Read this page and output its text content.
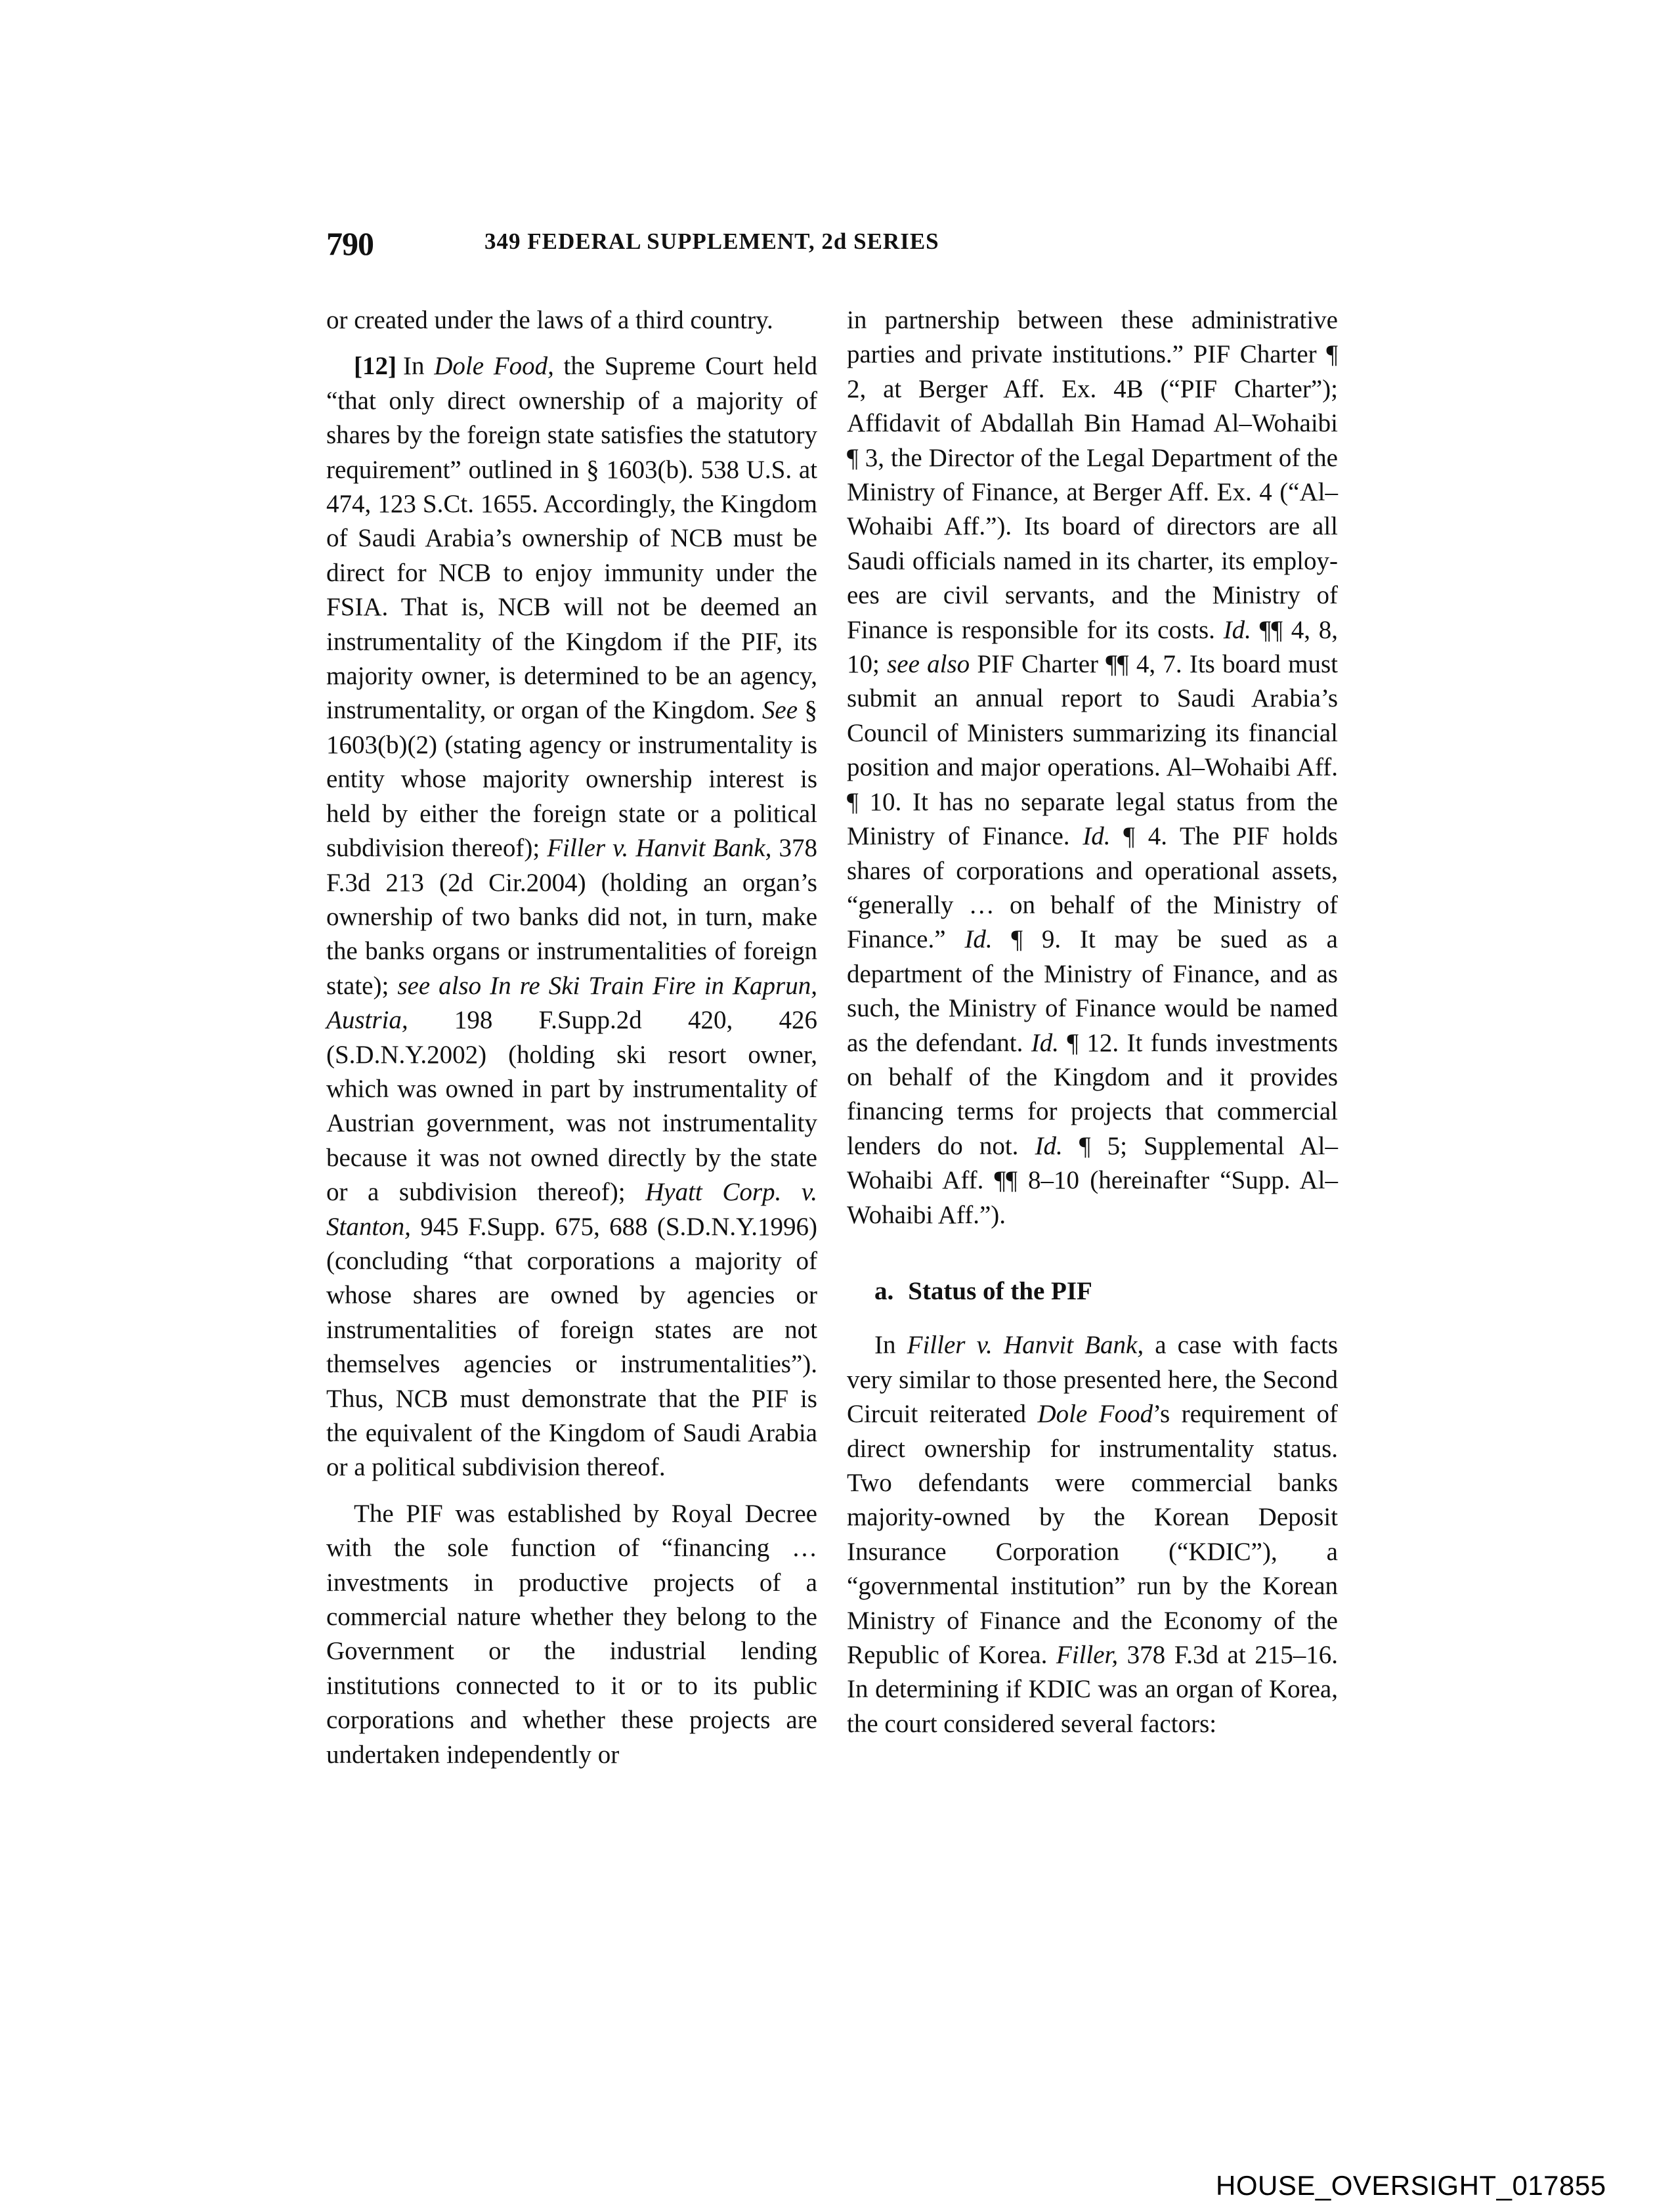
790	349 FEDERAL SUPPLEMENT, 2d SERIES

or created under the laws of a third country.

[12] In Dole Food, the Supreme Court held “that only direct ownership of a majority of shares by the foreign state satisfies the statutory requirement” outlined in § 1603(b). 538 U.S. at 474, 123 S.Ct. 1655. Accordingly, the Kingdom of Saudi Arabia’s ownership of NCB must be direct for NCB to enjoy immunity under the FSIA. That is, NCB will not be deemed an instrumentality of the Kingdom if the PIF, its majority owner, is determined to be an agency, instrumentality, or organ of the Kingdom. See § 1603(b)(2) (stating agency or instrumentality is entity whose majority ownership interest is held by either the foreign state or a political subdivision thereof); Filler v. Hanvit Bank, 378 F.3d 213 (2d Cir.2004) (holding an organ’s ownership of two banks did not, in turn, make the banks organs or instrumentalities of foreign state); see also In re Ski Train Fire in Kaprun, Austria, 198 F.Supp.2d 420, 426 (S.D.N.Y.2002) (holding ski resort owner, which was owned in part by instrumentality of Austrian government, was not instrumentality because it was not owned directly by the state or a subdivision thereof); Hyatt Corp. v. Stanton, 945 F.Supp. 675, 688 (S.D.N.Y.1996) (concluding “that corporations a majority of whose shares are owned by agencies or instrumentalities of foreign states are not themselves agencies or instrumentalities”). Thus, NCB must demonstrate that the PIF is the equivalent of the Kingdom of Saudi Arabia or a political subdivision thereof.

The PIF was established by Royal Decree with the sole function of “financing … investments in productive projects of a commercial nature whether they belong to the Government or the industrial lending institutions connected to it or to its public corporations and whether these projects are undertaken independently or

in partnership between these administrative parties and private institutions.” PIF Charter ¶ 2, at Berger Aff. Ex. 4B (“PIF Charter”); Affidavit of Abdallah Bin Hamad Al–Wohaibi ¶ 3, the Director of the Legal Department of the Ministry of Finance, at Berger Aff. Ex. 4 (“Al–Wohaibi Aff.”). Its board of directors are all Saudi officials named in its charter, its employees are civil servants, and the Ministry of Finance is responsible for its costs. Id. ¶¶ 4, 8, 10; see also PIF Charter ¶¶ 4, 7. Its board must submit an annual report to Saudi Arabia’s Council of Ministers summarizing its financial position and major operations. Al–Wohaibi Aff. ¶ 10. It has no separate legal status from the Ministry of Finance. Id. ¶ 4. The PIF holds shares of corporations and operational assets, “generally … on behalf of the Ministry of Finance.” Id. ¶ 9. It may be sued as a department of the Ministry of Finance, and as such, the Ministry of Finance would be named as the defendant. Id. ¶ 12. It funds investments on behalf of the Kingdom and it provides financing terms for projects that commercial lenders do not. Id. ¶ 5; Supplemental Al–Wohaibi Aff. ¶¶ 8–10 (hereinafter “Supp. Al–Wohaibi Aff.”).

a. Status of the PIF

In Filler v. Hanvit Bank, a case with facts very similar to those presented here, the Second Circuit reiterated Dole Food’s requirement of direct ownership for instrumentality status. Two defendants were commercial banks majority-owned by the Korean Deposit Insurance Corporation (“KDIC”), a “governmental institution” run by the Korean Ministry of Finance and the Economy of the Republic of Korea. Filler, 378 F.3d at 215–16. In determining if KDIC was an organ of Korea, the court considered several factors:

HOUSE_OVERSIGHT_017855
